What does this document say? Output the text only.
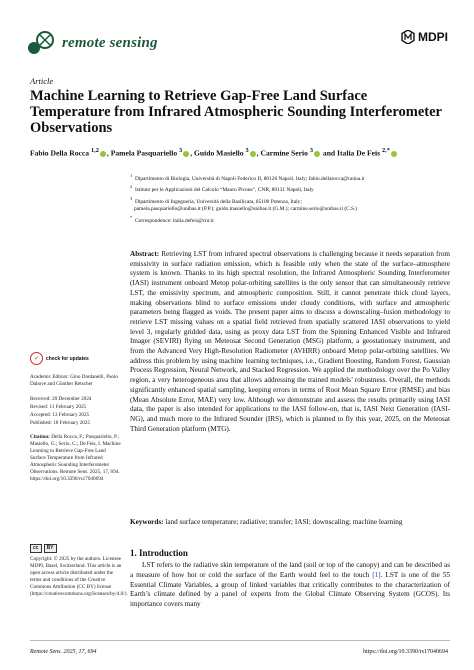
remote sensing	MDPI
Article
Machine Learning to Retrieve Gap-Free Land Surface Temperature from Infrared Atmospheric Sounding Interferometer Observations
Fabio Della Rocca $^{1,2}$ , Pamela Pasquariello $^3$ , Guido Masiello $^3$ , Carmine Serio $^3$ and Italia De Feis $^{2,*}$
$^1$  Dipartimento di Biologia, Università di Napoli Federico II, 80126 Napoli, Italy; fabio.dellarocca@unina.it
$^2$  Istituto per le Applicazioni del Calcolo “Mauro Picone”, CNR, 80131 Napoli, Italy
$^3$  Dipartimento di Ingegneria, Università della Basilicata, 85100 Potenza, Italy;
pamela.pasquariello@unibas.it (P.P.); guido.masiello@unibas.it (G.M.); carmine.serio@unibas.it (C.S.)
*  Correspondence: italia.defeis@cnr.it
Abstract: Retrieving LST from infrared spectral observations is challenging because it needs separation from emissivity in surface radiation emission, which is feasible only when the state of the surface–atmosphere system is known. Thanks to its high spectral resolution, the Infrared Atmospheric Sounding Interferometer (IASI) instrument onboard Metop polar-orbiting satellites is the only sensor that can simultaneously retrieve LST, the emissivity spectrum, and atmospheric composition. Still, it cannot penetrate thick cloud layers, making observations blind to surface emissions under cloudy conditions, with surface and atmospheric parameters being flagged as voids. The present paper aims to discuss a downscaling–fusion methodology to retrieve LST missing values on a spatial field retrieved from spatially scattered IASI observations to yield level 3, regularly gridded data, using as proxy data LST from the Spinning Enhanced Visible and Infrared Imager (SEVIRI) flying on Meteosat Second Generation (MSG) platform, a geostationary instrument, and from the Advanced Very High-Resolution Radiometer (AVHRR) onboard Metop polar-orbiting satellites. We address this problem by using machine learning techniques, i.e., Gradient Boosting, Random Forest, Gaussian Process Regression, Neural Network, and Stacked Regression. We applied the methodology over the Po Valley region, a very heterogeneous area that allows addressing the trained models’ robustness. Overall, the methods significantly enhanced spatial sampling, keeping errors in terms of Root Mean Square Error (RMSE) and bias (Mean Absolute Error, MAE) very low. Although we demonstrate and assess the results primarily using IASI data, the paper is also intended for applications to the IASI follow-on, that is, IASI Next Generation (IASI-NG), and much more to the Infrared Sounder (IRS), which is planned to fly this year, 2025, on the Meteosat Third Generation platform (MTG).
Keywords: land surface temperature; radiative; transfer; IASI; downscaling; machine learning
1. Introduction
LST refers to the radiative skin temperature of the land (soil or top of the canopy) and can be described as a measure of how hot or cold the surface of the Earth would feel to the touch [1]. LST is one of the 55 Essential Climate Variables, a group of linked variables that critically contributes to the characterization of Earth’s climate defined by a panel of experts from the Global Climate Observing System (GCOS). Its importance covers many
✓	check for updates
Academic Editors: Gino Dardanelli, Paolo Dabove and Günther Retscher
Received: 20 December 2024
Revised: 11 February 2025
Accepted: 13 February 2025
Published: 18 February 2025
Citation: Della Rocca, F.; Pasquariello, P.; Masiello, G.; Serio, C.; De Feis, I. Machine Learning to Retrieve Gap-Free Land Surface Temperature from Infrared Atmospheric Sounding Interferometer Observations. Remote Sens. 2025, 17, 694. https://doi.org/10.3390/rs17040694
cc	BY
Copyright: © 2025 by the authors. Licensee MDPI, Basel, Switzerland. This article is an open access article distributed under the terms and conditions of the Creative Commons Attribution (CC BY) license (https://creativecommons.org/licenses/by/4.0/).
Remote Sens. 2025, 17, 694	https://doi.org/10.3390/rs17040694
